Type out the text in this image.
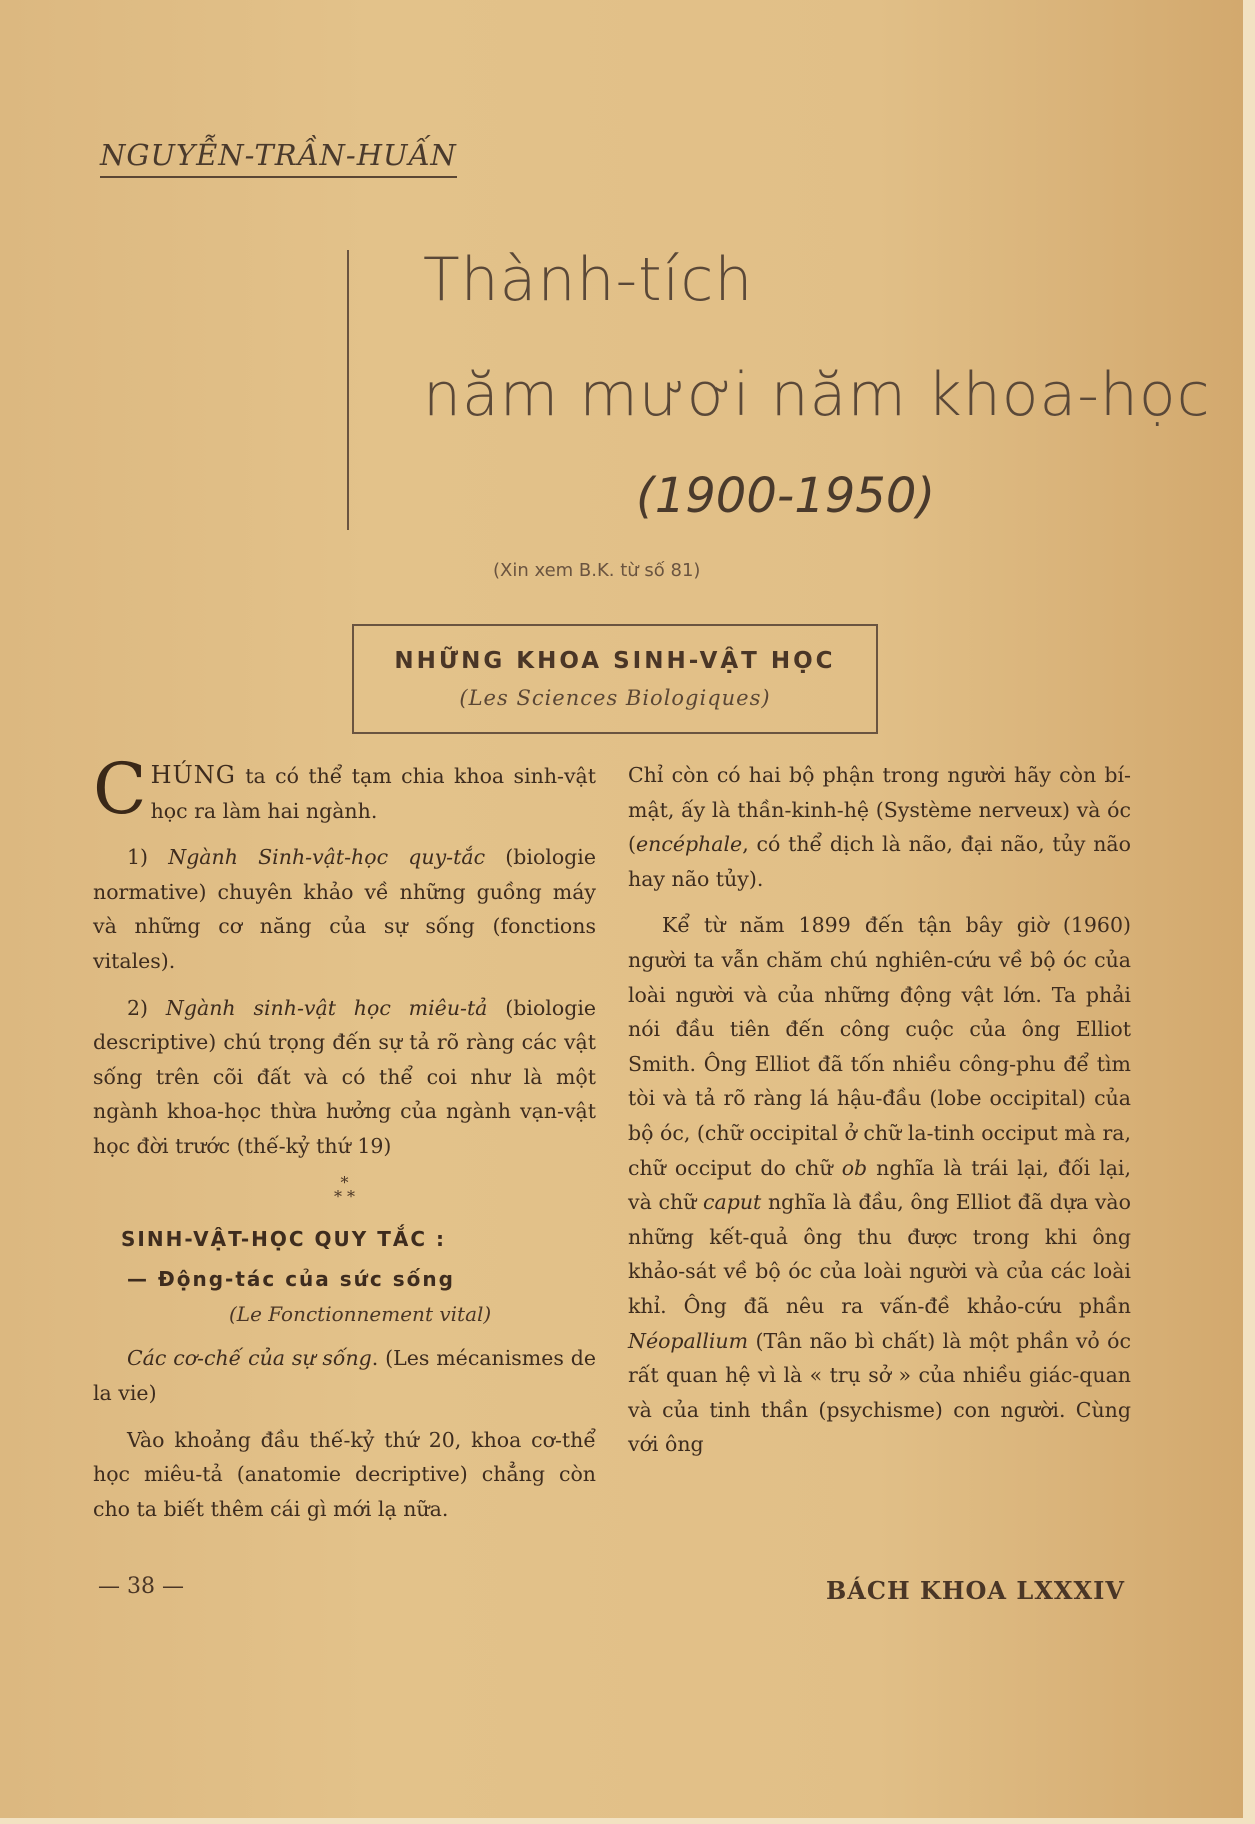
NGUYỄN-TRẦN-HUẤN
Thành-tích
năm mươi năm khoa-học
(1900-1950)
(Xin xem B.K. từ số 81)
NHỮNG KHOA SINH-VẬT HỌC
(Les Sciences Biologiques)

CHÚNG ta có thể tạm chia khoa sinh-vật học ra làm hai ngành.

1) Ngành Sinh-vật-học quy-tắc (biologie normative) chuyên khảo về những guồng máy và những cơ năng của sự sống (fonctions vitales).

2) Ngành sinh-vật học miêu-tả (biologie descriptive) chú trọng đến sự tả rõ ràng các vật sống trên cõi đất và có thể coi như là một ngành khoa-học thừa hưởng của ngành vạn-vật học đời trước (thế-kỷ thứ 19)

*
* *
SINH-VẬT-HỌC QUY TẮC :
— Động-tác của sức sống
(Le Fonctionnement vital)

Các cơ-chế của sự sống. (Les mécanismes de la vie)

Vào khoảng đầu thế-kỷ thứ 20, khoa cơ-thể học miêu-tả (anatomie decriptive) chẳng còn cho ta biết thêm cái gì mới lạ nữa.

Chỉ còn có hai bộ phận trong người hãy còn bí-mật, ấy là thần-kinh-hệ (Système nerveux) và óc (encéphale, có thể dịch là não, đại não, tủy não hay não tủy).

Kể từ năm 1899 đến tận bây giờ (1960) người ta vẫn chăm chú nghiên-cứu về bộ óc của loài người và của những động vật lớn. Ta phải nói đầu tiên đến công cuộc của ông Elliot Smith. Ông Elliot đã tốn nhiều công-phu để tìm tòi và tả rõ ràng lá hậu-đầu (lobe occipital) của bộ óc, (chữ occipital ở chữ la-tinh occiput mà ra, chữ occiput do chữ ob nghĩa là trái lại, đối lại, và chữ caput nghĩa là đầu, ông Elliot đã dựa vào những kết-quả ông thu được trong khi ông khảo-sát về bộ óc của loài người và của các loài khỉ. Ông đã nêu ra vấn-đề khảo-cứu phần Néopallium (Tân não bì chất) là một phần vỏ óc rất quan hệ vì là « trụ sở » của nhiều giác-quan và của tinh thần (psychisme) con người. Cùng với ông

— 38 —	BÁCH KHOA LXXXIV
